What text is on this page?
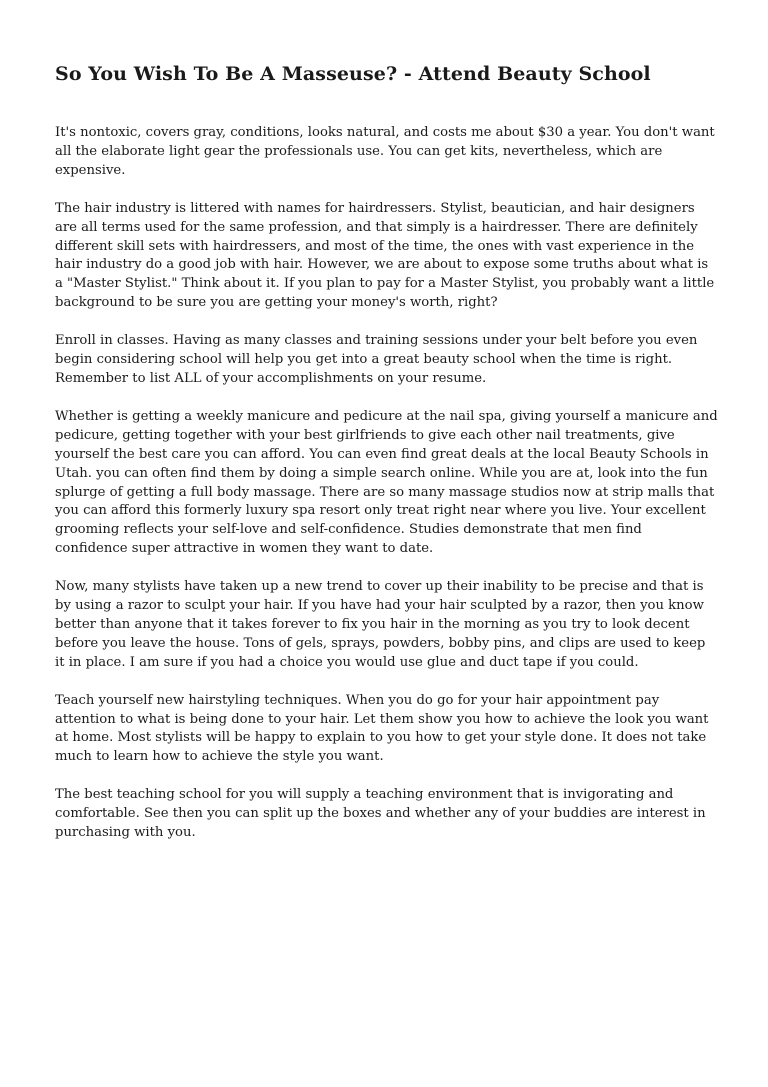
So You Wish To Be A Masseuse? - Attend Beauty School

It's nontoxic, covers gray, conditions, looks natural, and costs me about $30 a year. You don't want all the elaborate light gear the professionals use. You can get kits, nevertheless, which are expensive.

The hair industry is littered with names for hairdressers. Stylist, beautician, and hair designers are all terms used for the same profession, and that simply is a hairdresser. There are definitely different skill sets with hairdressers, and most of the time, the ones with vast experience in the hair industry do a good job with hair. However, we are about to expose some truths about what is a "Master Stylist." Think about it. If you plan to pay for a Master Stylist, you probably want a little background to be sure you are getting your money's worth, right?

Enroll in classes. Having as many classes and training sessions under your belt before you even begin considering school will help you get into a great beauty school when the time is right. Remember to list ALL of your accomplishments on your resume.

Whether is getting a weekly manicure and pedicure at the nail spa, giving yourself a manicure and pedicure, getting together with your best girlfriends to give each other nail treatments, give yourself the best care you can afford. You can even find great deals at the local Beauty Schools in Utah. you can often find them by doing a simple search online. While you are at, look into the fun splurge of getting a full body massage. There are so many massage studios now at strip malls that you can afford this formerly luxury spa resort only treat right near where you live. Your excellent grooming reflects your self-love and self-confidence. Studies demonstrate that men find confidence super attractive in women they want to date.

Now, many stylists have taken up a new trend to cover up their inability to be precise and that is by using a razor to sculpt your hair. If you have had your hair sculpted by a razor, then you know better than anyone that it takes forever to fix you hair in the morning as you try to look decent before you leave the house. Tons of gels, sprays, powders, bobby pins, and clips are used to keep it in place. I am sure if you had a choice you would use glue and duct tape if you could.

Teach yourself new hairstyling techniques. When you do go for your hair appointment pay attention to what is being done to your hair. Let them show you how to achieve the look you want at home. Most stylists will be happy to explain to you how to get your style done. It does not take much to learn how to achieve the style you want.

The best teaching school for you will supply a teaching environment that is invigorating and comfortable. See then you can split up the boxes and whether any of your buddies are interest in purchasing with you.
